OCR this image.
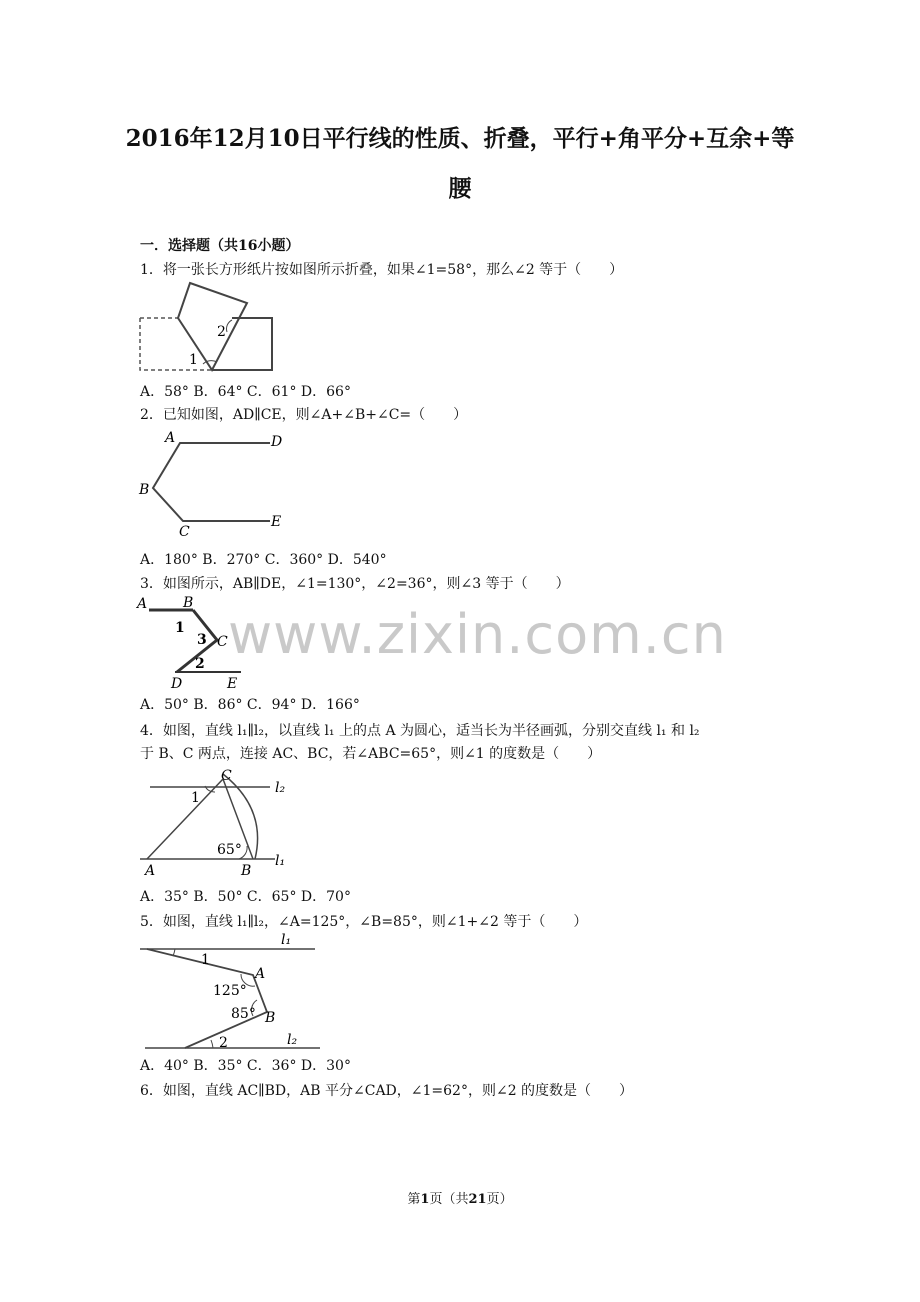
2016年12月10日平行线的性质、折叠，平行+角平分+互余+等
腰
一．选择题（共16小题）
1．将一张长方形纸片按如图所示折叠，如果∠1=58°，那么∠2 等于（　　）
1
2
A．58° B．64° C．61° D．66°
2．已知如图，AD∥CE，则∠A+∠B+∠C=（　　）
A	D
B
C
E
A．180° B．270° C．360° D．540°
3．如图所示，AB∥DE，∠1=130°，∠2=36°，则∠3 等于（　　）
A	B
1
3 C
2
D	E
A．50° B．86° C．94° D．166°
4．如图，直线 l₁∥l₂，以直线 l₁ 上的点 A 为圆心，适当长为半径画弧，分别交直线 l₁ 和 l₂
于 B、C 两点，连接 AC、BC，若∠ABC=65°，则∠1 的度数是（　　）
C
l₂
1
65°
A	B
l₁
A．35° B．50° C．65° D．70°
5．如图，直线 l₁∥l₂，∠A=125°，∠B=85°，则∠1+∠2 等于（　　）
l₁
1
A
125°
85° B
2	l₂
A．40° B．35° C．36° D．30°
6．如图，直线 AC∥BD，AB 平分∠CAD，∠1=62°，则∠2 的度数是（　　）
www.zixin.com.cn
第1页（共21页）
